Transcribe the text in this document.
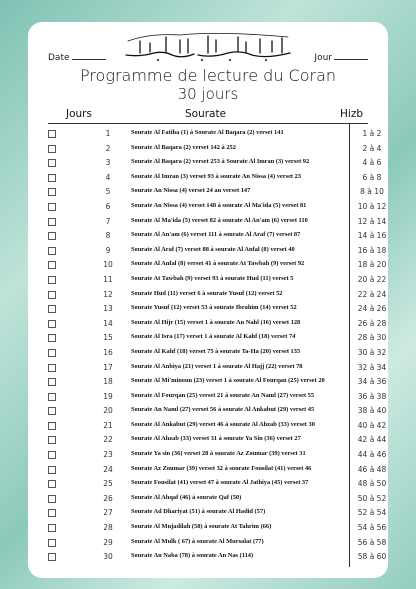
Date	Jour
Programme de lecture du Coran
30 jours
Jours	Sourate	Hizb
1	Sourate Al Fatiha (1) à Sourate Al Baqara (2) verset 141	1 à 2
2	Sourate Al Baqara (2) verset 142 à 252	2 à 4
3	Sourate Al Baqara (2) verset 253 à Sourate Al Imran (3) verset 92	4 à 6
4	Sourate Al Imran (3) verset 93 à sourate An Nissa (4) verset 23	6 à 8
5	Sourate An Nissa (4) verset 24 au verset 147	8 à 10
6	Sourate An Nissa (4) verset 148 à sourate Al Ma'ida (5) verset 81	10 à 12
7	Sourate Al Ma'ida (5) verset 82 à sourate Al An'am (6) verset 110	12 à 14
8	Sourate Al An'am (6) verset 111 à sourate Al Araf (7) verset 87	14 à 16
9	Sourate Al Araf (7) verset 88 à sourate Al Anfal (8) verset 40	16 à 18
10	Sourate Al Anfal (8) verset 41 à sourate At Tawbah (9) verset 92	18 à 20
11	Sourate At Tawbah (9) verset 93 à sourate Hud (11) verset 5	20 à 22
12	Sourate Hud (11) verset 6 à sourate Yusuf (12) verset 52	22 à 24
13	Sourate Yusuf (12) verset 53 à sourate Ibrahim (14) verset 52	24 à 26
14	Sourate Al Hijr (15) verset 1 à sourate An Nahl (16) verset 128	26 à 28
15	Sourate Al Isra (17) verset 1 à sourate Al Kahf (18) verset 74	28 à 30
16	Sourate Al Kahf (18) verset 75 à sourate Ta-Ha (20) verset 135	30 à 32
17	Sourate Al Anbiya (21) verset 1 à sourate Al Hajj (22) verset 78	32 à 34
18	Sourate Al Mi'minoun (23) verset 1 à sourate Al Fourqan (25) verset 20	34 à 36
19	Sourate Al Fourqan (25) verset 21 à sourate An Naml (27) verset 55	36 à 38
20	Sourate An Naml (27) verset 56 à sourate Al Ankabut (29) verset 45	38 à 40
21	Sourate Al Ankabut (29) verset 46 à sourate Al Ahzab (33) verset 30	40 à 42
22	Sourate Al Ahzab (33) verset 31 à sourate Ya Sin (36) verset 27	42 à 44
23	Sourate Ya sin (36) verset 28 à sourate Az Zoumar (39) verset 31	44 à 46
24	Sourate Az Zoumar (39) verset 32 à sourate Fousilat (41) verset 46	46 à 48
25	Sourate Fousilat (41) verset 47 à sourate Al Jathiya (45) verset 37	48 à 50
26	Sourate Al Ahqaf (46) à sourate Qaf (50)	50 à 52
27	Sourate Ad Dhariyat (51) à sourate Al Hadid (57)	52 à 54
28	Sourate Al Mujadilah (58) à sourate At Tahrim (66)	54 à 56
29	Sourate Al Mulk ( 67) à sourate Al Mursalat (77)	56 à 58
30	Sourate An Naba (78) à sourate An Nas (114)	58 à 60
